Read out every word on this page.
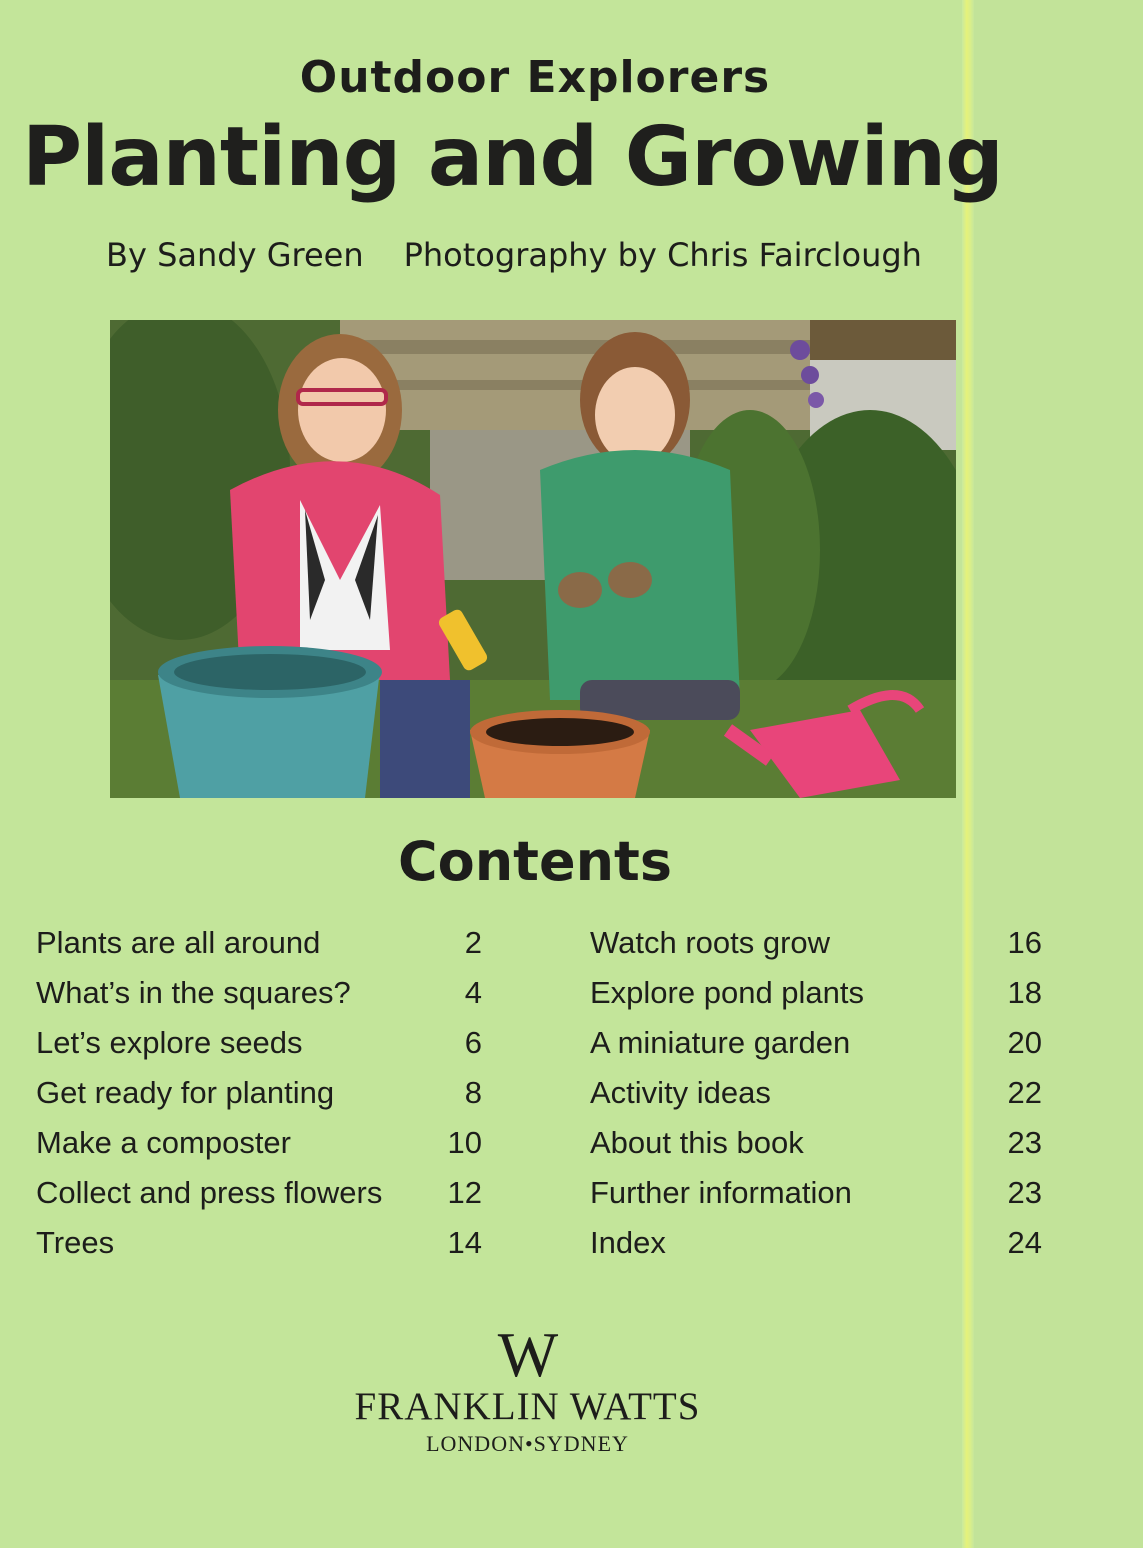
Outdoor Explorers
Planting and Growing
By Sandy Green Photography by Chris Fairclough
Contents
Plants are all around	2
What’s in the squares?	4
Let’s explore seeds	6
Get ready for planting	8
Make a composter	10
Collect and press flowers 12
Trees	14
Watch roots grow	16
Explore pond plants	18
A miniature garden	20
Activity ideas	22
About this book	23
Further information	23
Index	24
W
FRANKLIN WATTS
LONDON•SYDNEY
